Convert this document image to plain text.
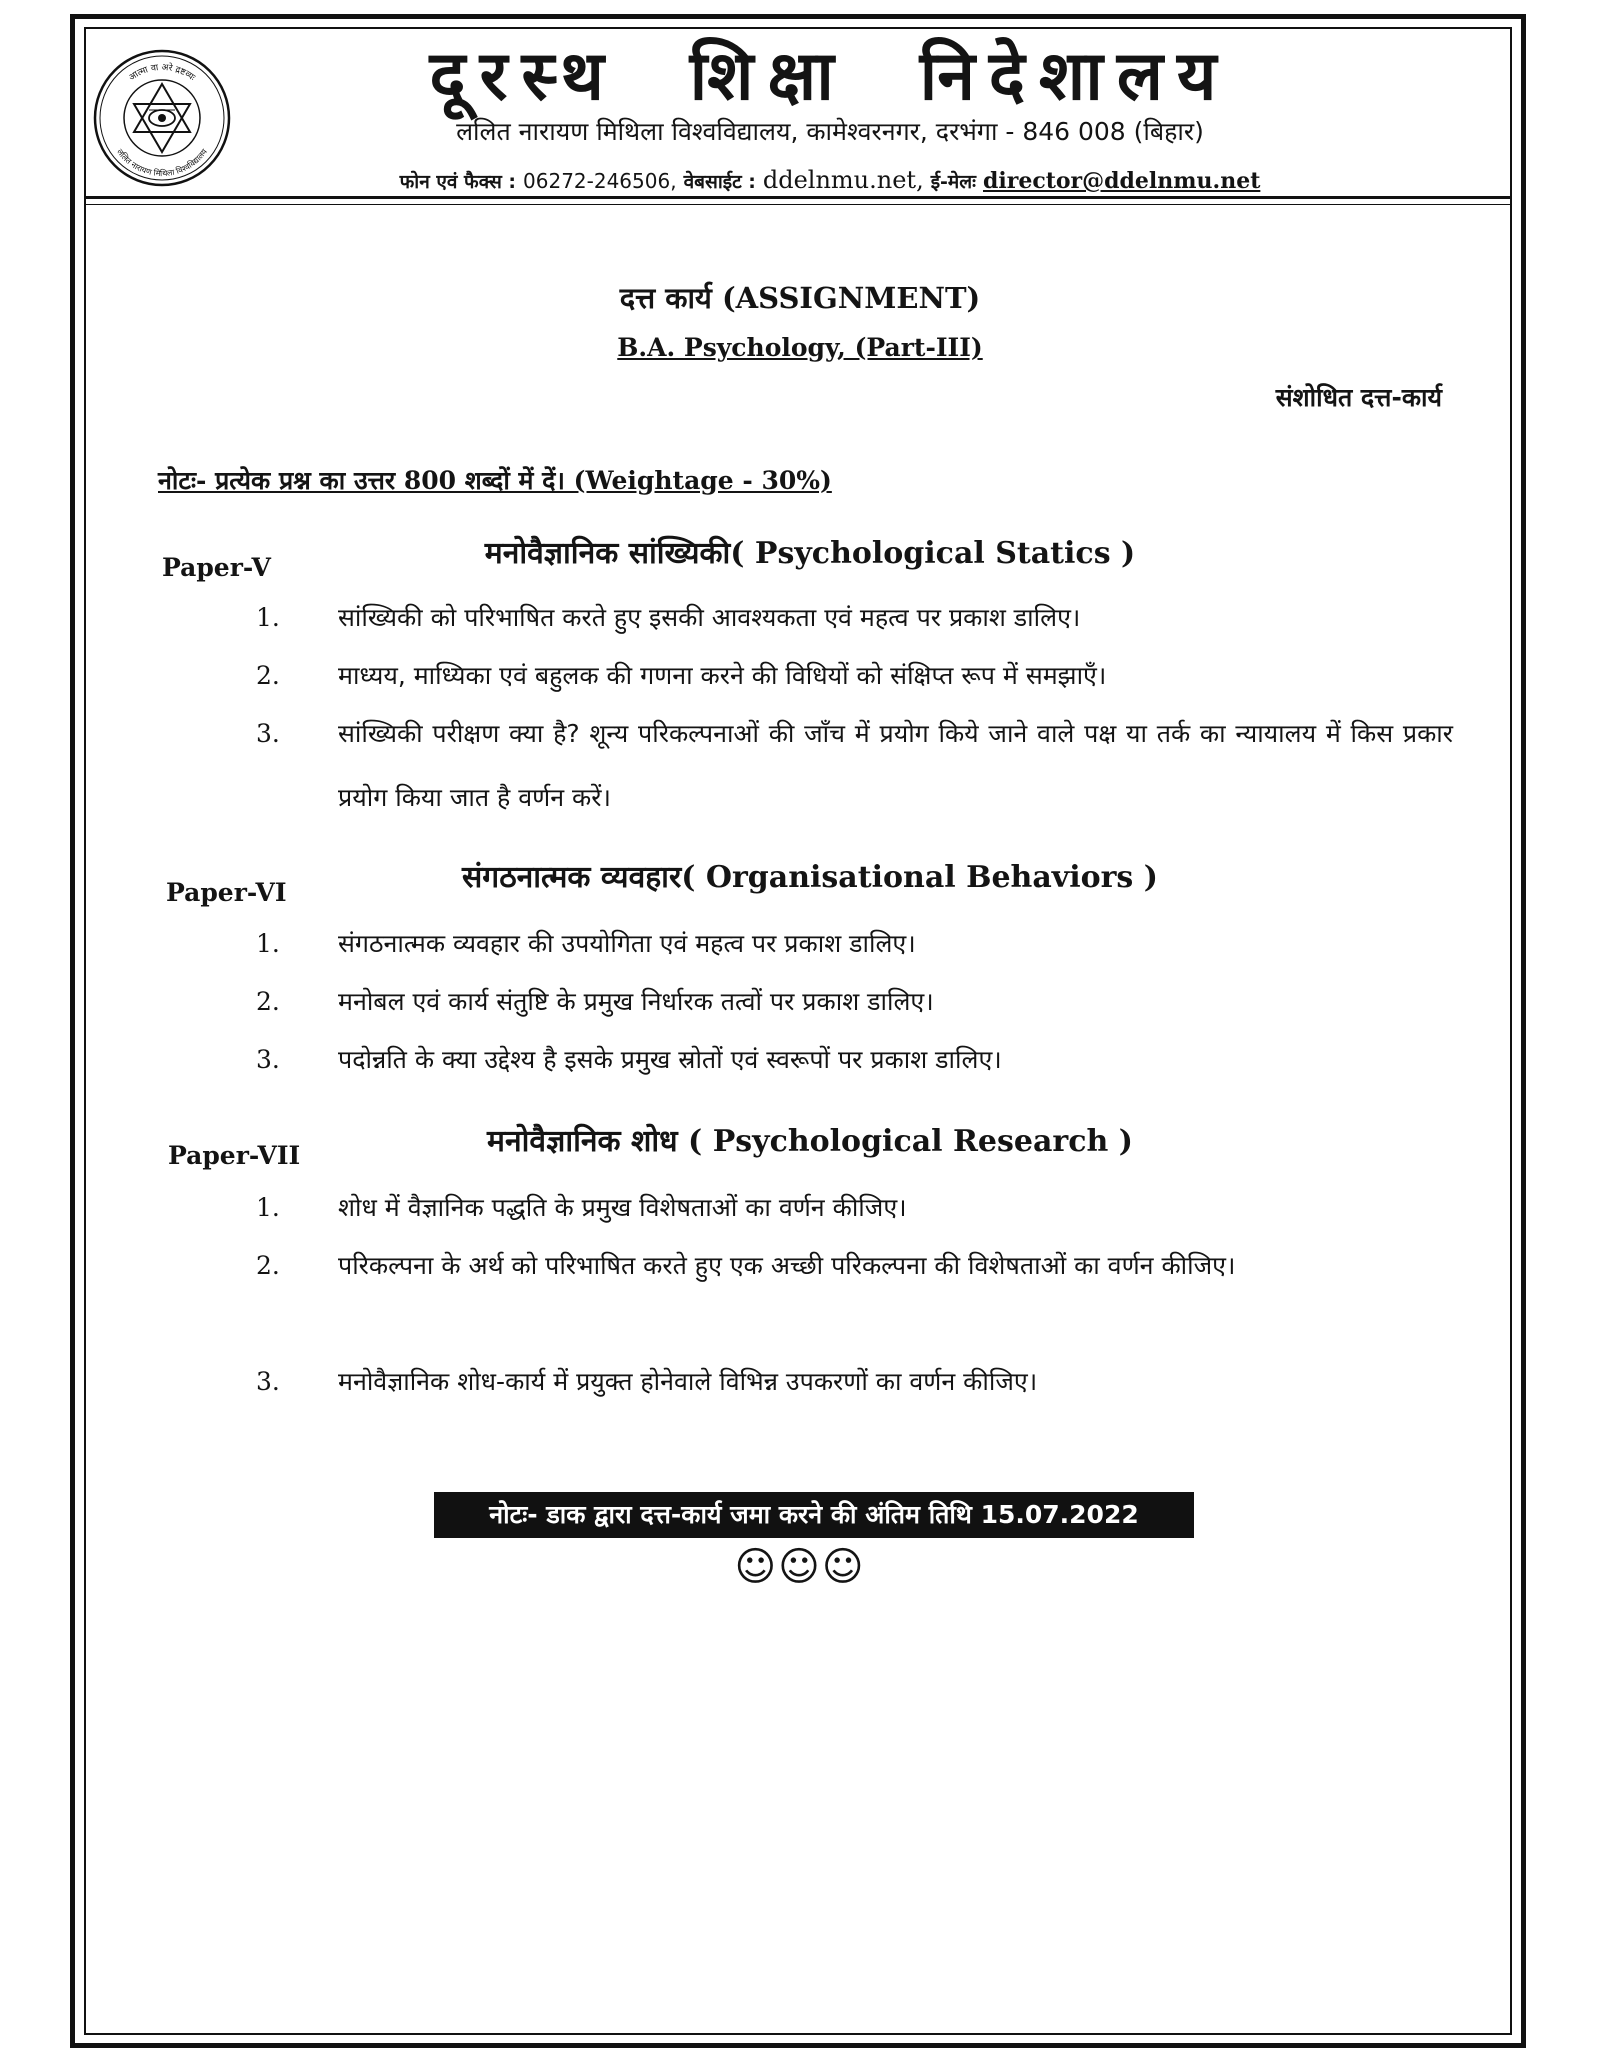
आत्मा वा अरे द्रष्टव्यः
ललित नारायण मिथिला विश्वविद्यालय
दूरस्थ शिक्षा निदेशालय
ललित नारायण मिथिला विश्वविद्यालय, कामेश्वरनगर, दरभंगा - 846 008 (बिहार)
फोन एवं फैक्स : 06272-246506, वेबसाईट : ddelnmu.net, ई-मेलः director@ddelnmu.net
दत्त कार्य (ASSIGNMENT)
B.A. Psychology, (Part-III)
संशोधित दत्त-कार्य
नोटः- प्रत्येक प्रश्न का उत्तर 800 शब्दों में दें। (Weightage - 30%)
Paper-V	मनोवैज्ञानिक सांख्यिकी( Psychological Statics )
1. सांख्यिकी को परिभाषित करते हुए इसकी आवश्यकता एवं महत्व पर प्रकाश डालिए।
2. माध्यय, माध्यिका एवं बहुलक की गणना करने की विधियों को संक्षिप्त रूप में समझाएँ।
3. सांख्यिकी परीक्षण क्या है? शून्य परिकल्पनाओं की जाँच में प्रयोग किये जाने वाले पक्ष या तर्क का न्यायालय में किस प्रकार प्रयोग किया जात है वर्णन करें।
Paper-VI	संगठनात्मक व्यवहार( Organisational Behaviors )
1. संगठनात्मक व्यवहार की उपयोगिता एवं महत्व पर प्रकाश डालिए।
2. मनोबल एवं कार्य संतुष्टि के प्रमुख निर्धारक तत्वों पर प्रकाश डालिए।
3. पदोन्नति के क्या उद्देश्य है इसके प्रमुख स्रोतों एवं स्वरूपों पर प्रकाश डालिए।
Paper-VII	मनोवैज्ञानिक शोध ( Psychological Research )
1. शोध में वैज्ञानिक पद्धति के प्रमुख विशेषताओं का वर्णन कीजिए।
2. परिकल्पना के अर्थ को परिभाषित करते हुए एक अच्छी परिकल्पना की विशेषताओं का वर्णन कीजिए।
3. मनोवैज्ञानिक शोध-कार्य में प्रयुक्त होनेवाले विभिन्न उपकरणों का वर्णन कीजिए।
नोटः- डाक द्वारा दत्त-कार्य जमा करने की अंतिम तिथि 15.07.2022
☺☺☺
